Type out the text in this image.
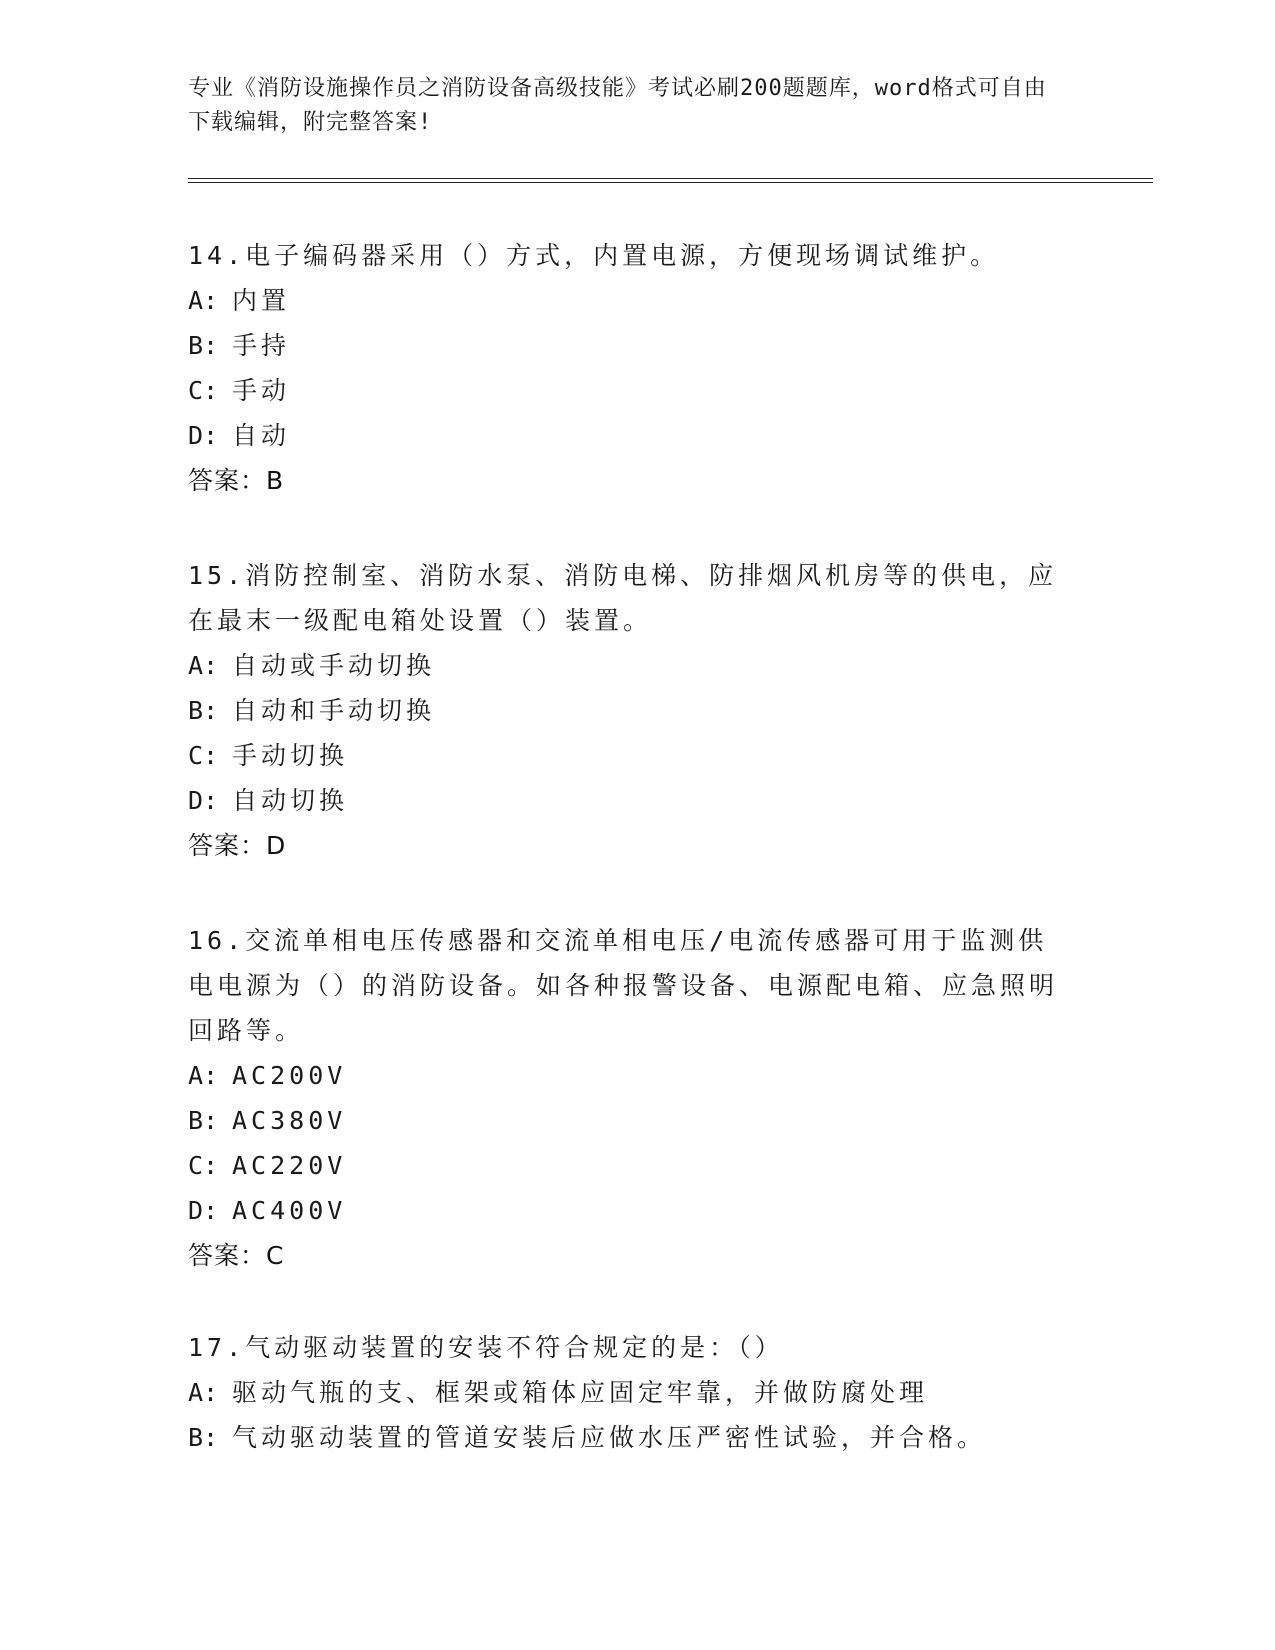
专业《消防设施操作员之消防设备高级技能》考试必刷200题题库，word格式可自由下载编辑，附完整答案!
14.电子编码器采用（）方式，内置电源，方便现场调试维护。
A: 内置
B: 手持
C: 手动
D: 自动
答案：B
15.消防控制室、消防水泵、消防电梯、防排烟风机房等的供电，应在最末一级配电箱处设置（）装置。
A: 自动或手动切换
B: 自动和手动切换
C: 手动切换
D: 自动切换
答案：D
16.交流单相电压传感器和交流单相电压/电流传感器可用于监测供电电源为（）的消防设备。如各种报警设备、电源配电箱、应急照明回路等。
A: AC200V
B: AC380V
C: AC220V
D: AC400V
答案：C
17.气动驱动装置的安装不符合规定的是：（）
A: 驱动气瓶的支、框架或箱体应固定牢靠，并做防腐处理
B: 气动驱动装置的管道安装后应做水压严密性试验，并合格。
